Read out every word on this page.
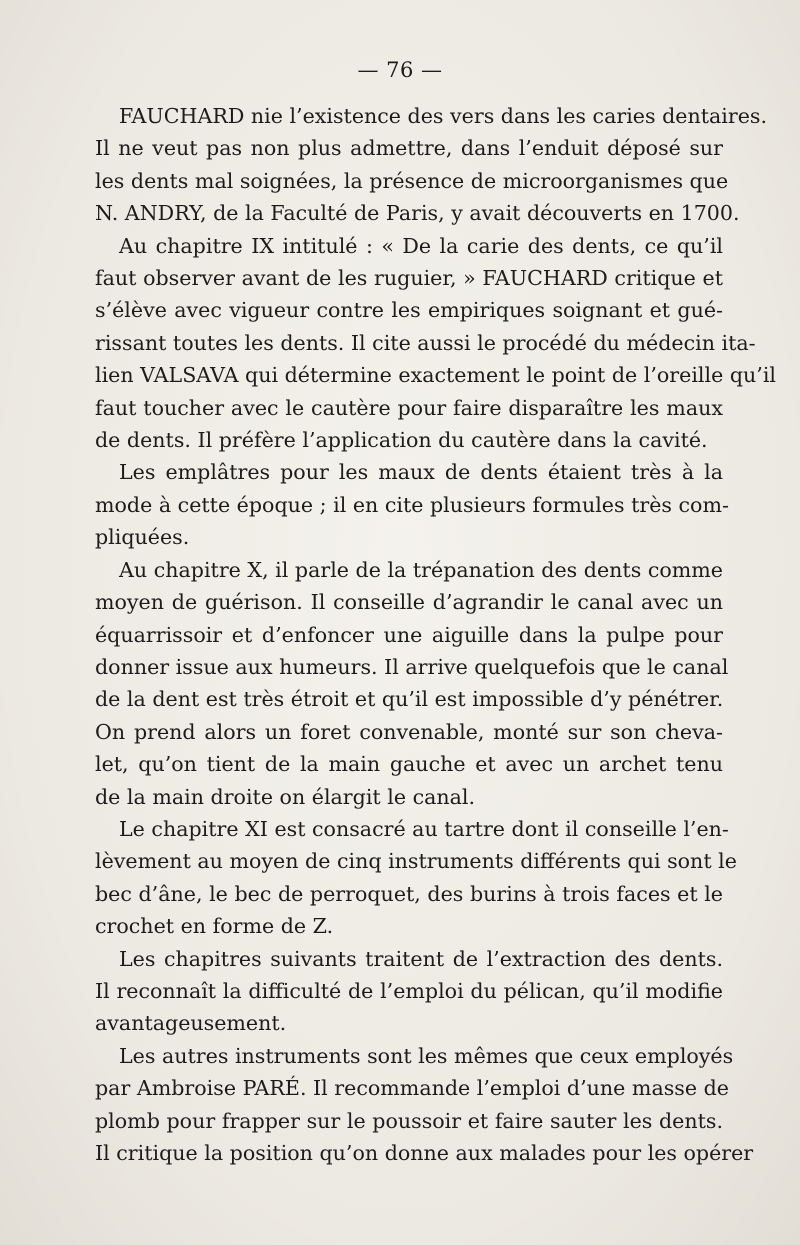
— 76 —
FAUCHARD nie l’existence des vers dans les caries dentaires.
Il ne veut pas non plus admettre, dans l’enduit déposé sur
les dents mal soignées, la présence de microorganismes que
N. ANDRY, de la Faculté de Paris, y avait découverts en 1700.
Au chapitre IX intitulé : « De la carie des dents, ce qu’il
faut observer avant de les ruguier, » FAUCHARD critique et
s’élève avec vigueur contre les empiriques soignant et gué-
rissant toutes les dents. Il cite aussi le procédé du médecin ita-
lien VALSAVA qui détermine exactement le point de l’oreille qu’il
faut toucher avec le cautère pour faire disparaître les maux
de dents. Il préfère l’application du cautère dans la cavité.
Les emplâtres pour les maux de dents étaient très à la
mode à cette époque ; il en cite plusieurs formules très com-
pliquées.
Au chapitre X, il parle de la trépanation des dents comme
moyen de guérison. Il conseille d’agrandir le canal avec un
équarrissoir et d’enfoncer une aiguille dans la pulpe pour
donner issue aux humeurs. Il arrive quelquefois que le canal
de la dent est très étroit et qu’il est impossible d’y pénétrer.
On prend alors un foret convenable, monté sur son cheva-
let, qu’on tient de la main gauche et avec un archet tenu
de la main droite on élargit le canal.
Le chapitre XI est consacré au tartre dont il conseille l’en-
lèvement au moyen de cinq instruments différents qui sont le
bec d’âne, le bec de perroquet, des burins à trois faces et le
crochet en forme de Z.
Les chapitres suivants traitent de l’extraction des dents.
Il reconnaît la difficulté de l’emploi du pélican, qu’il modifie
avantageusement.
Les autres instruments sont les mêmes que ceux employés
par Ambroise PARÉ. Il recommande l’emploi d’une masse de
plomb pour frapper sur le poussoir et faire sauter les dents.
Il critique la position qu’on donne aux malades pour les opérer
